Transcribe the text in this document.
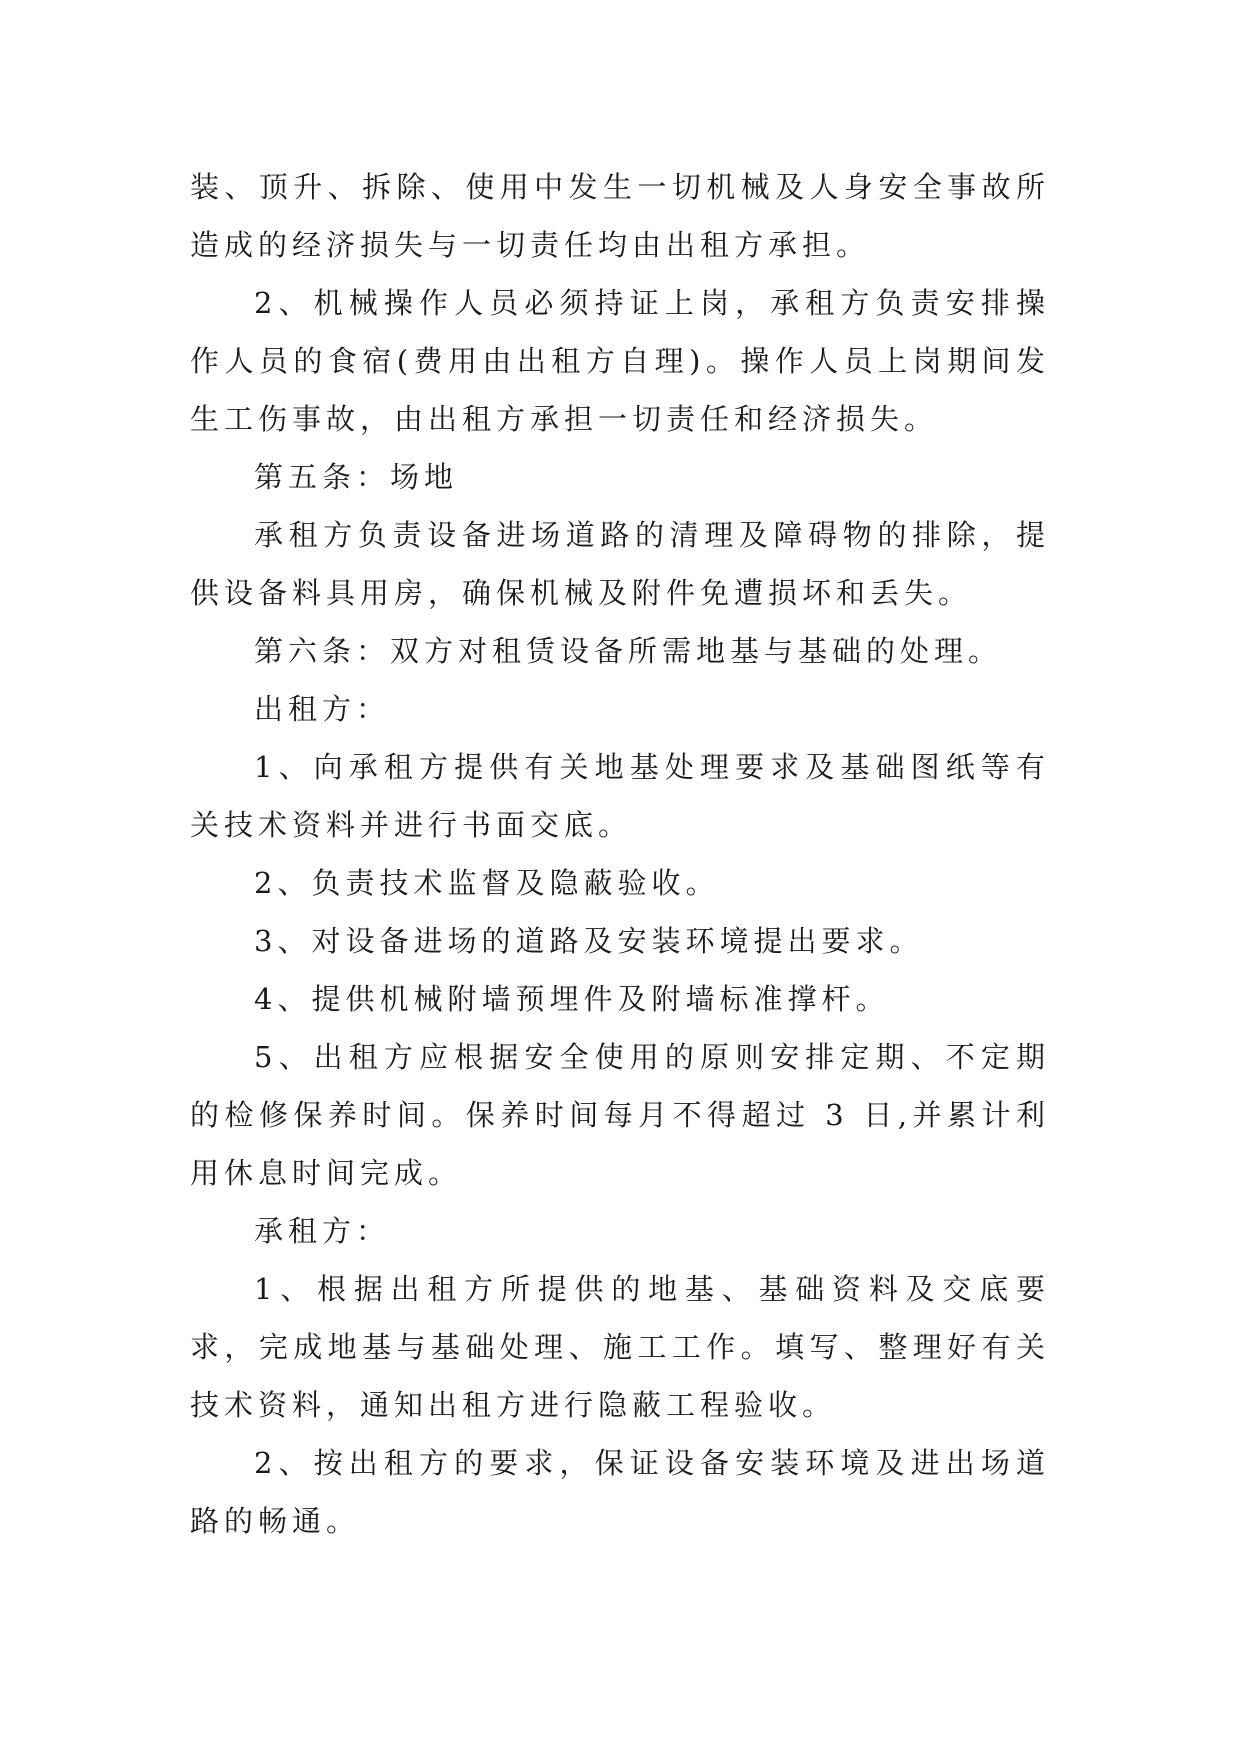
装、顶升、拆除、使用中发生一切机械及人身安全事故所造成的经济损失与一切责任均由出租方承担。

2、机械操作人员必须持证上岗，承租方负责安排操作人员的食宿(费用由出租方自理)。操作人员上岗期间发生工伤事故，由出租方承担一切责任和经济损失。

第五条：场地

承租方负责设备进场道路的清理及障碍物的排除，提供设备料具用房，确保机械及附件免遭损坏和丢失。

第六条：双方对租赁设备所需地基与基础的处理。

出租方：

1、向承租方提供有关地基处理要求及基础图纸等有关技术资料并进行书面交底。

2、负责技术监督及隐蔽验收。

3、对设备进场的道路及安装环境提出要求。

4、提供机械附墙预埋件及附墙标准撑杆。

5、出租方应根据安全使用的原则安排定期、不定期的检修保养时间。保养时间每月不得超过 3 日,并累计利用休息时间完成。

承租方：

1、根据出租方所提供的地基、基础资料及交底要求，完成地基与基础处理、施工工作。填写、整理好有关技术资料，通知出租方进行隐蔽工程验收。

2、按出租方的要求，保证设备安装环境及进出场道路的畅通。
